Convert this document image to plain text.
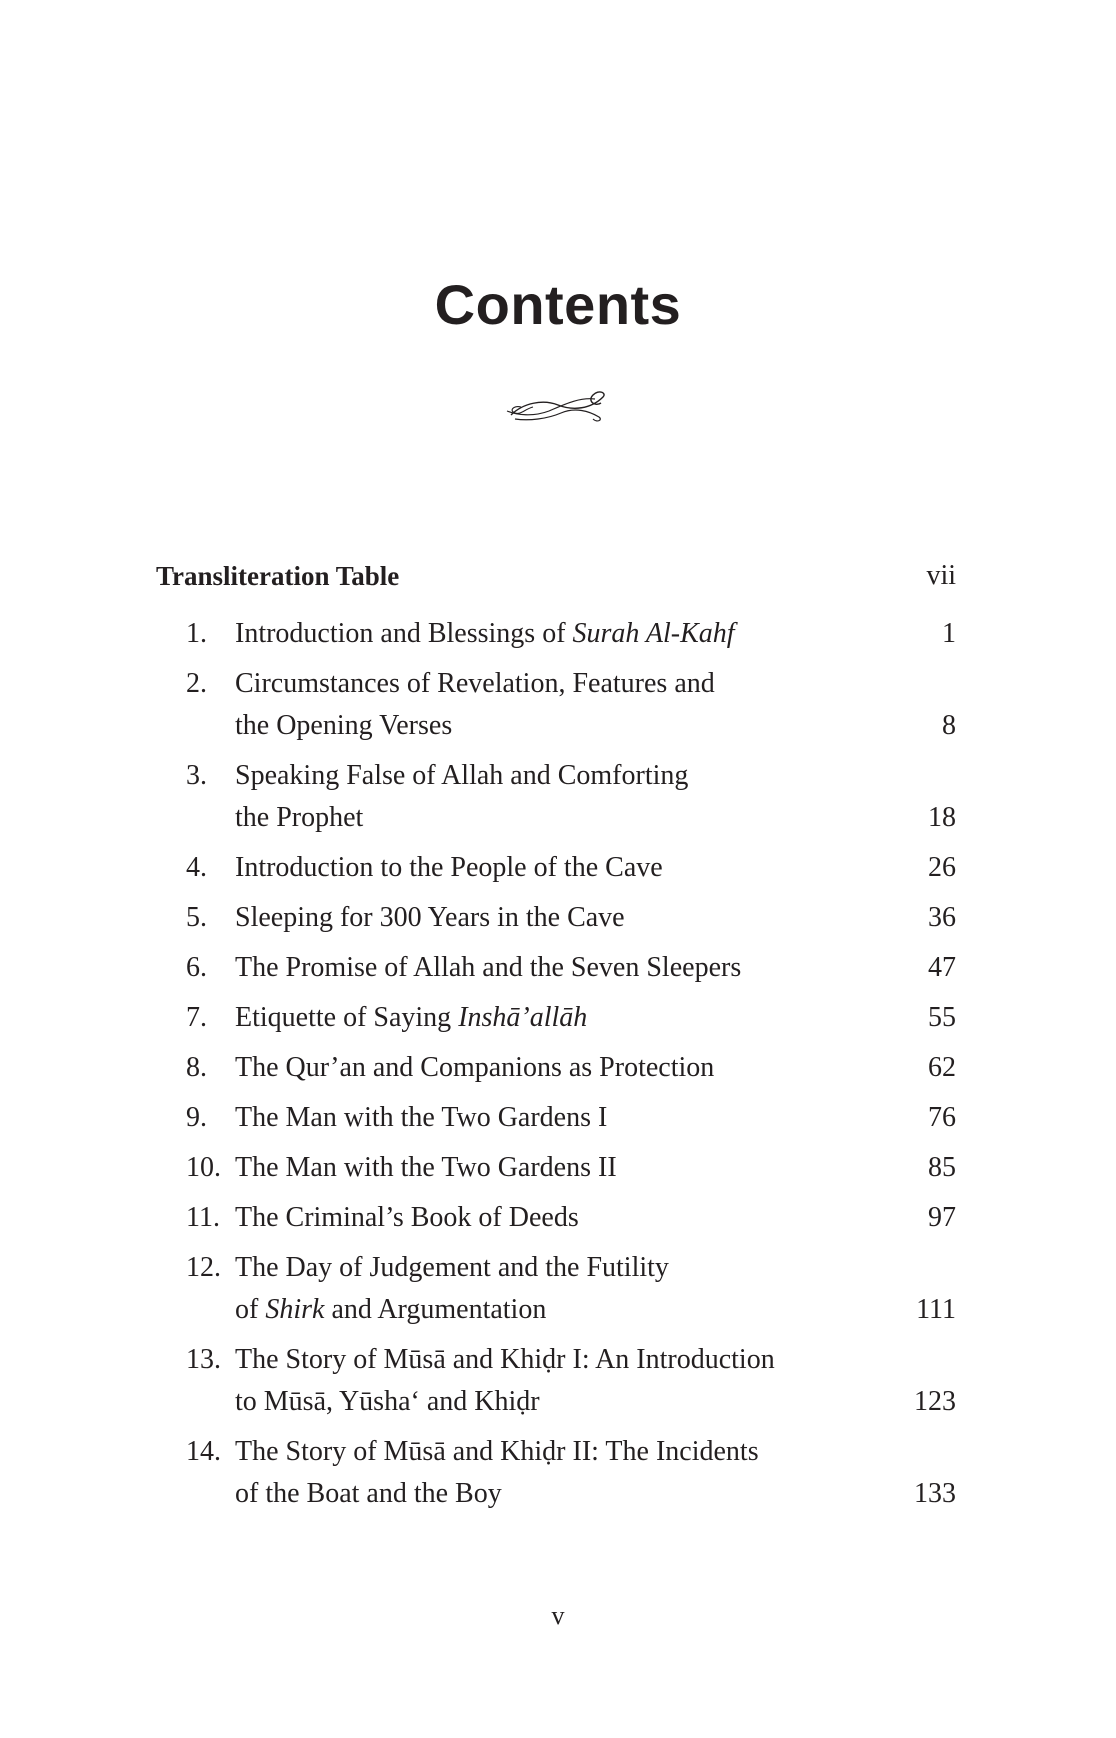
Contents
Transliteration Table	vii
1.	Introduction and Blessings of Surah Al-Kahf	1
2.	Circumstances of Revelation, Features and
the Opening Verses	8
3.	Speaking False of Allah and Comforting
the Prophet	18
4.	Introduction to the People of the Cave	26
5.	Sleeping for 300 Years in the Cave	36
6.	The Promise of Allah and the Seven Sleepers	47
7.	Etiquette of Saying Inshā’allāh	55
8.	The Qur’an and Companions as Protection	62
9.	The Man with the Two Gardens I	76
10. The Man with the Two Gardens II	85
11. The Criminal’s Book of Deeds	97
12. The Day of Judgement and the Futility
of Shirk and Argumentation	111
13. The Story of Mūsā and Khiḍr I: An Introduction
to Mūsā, Yūsha‘ and Khiḍr	123
14. The Story of Mūsā and Khiḍr II: The Incidents
of the Boat and the Boy	133
v
